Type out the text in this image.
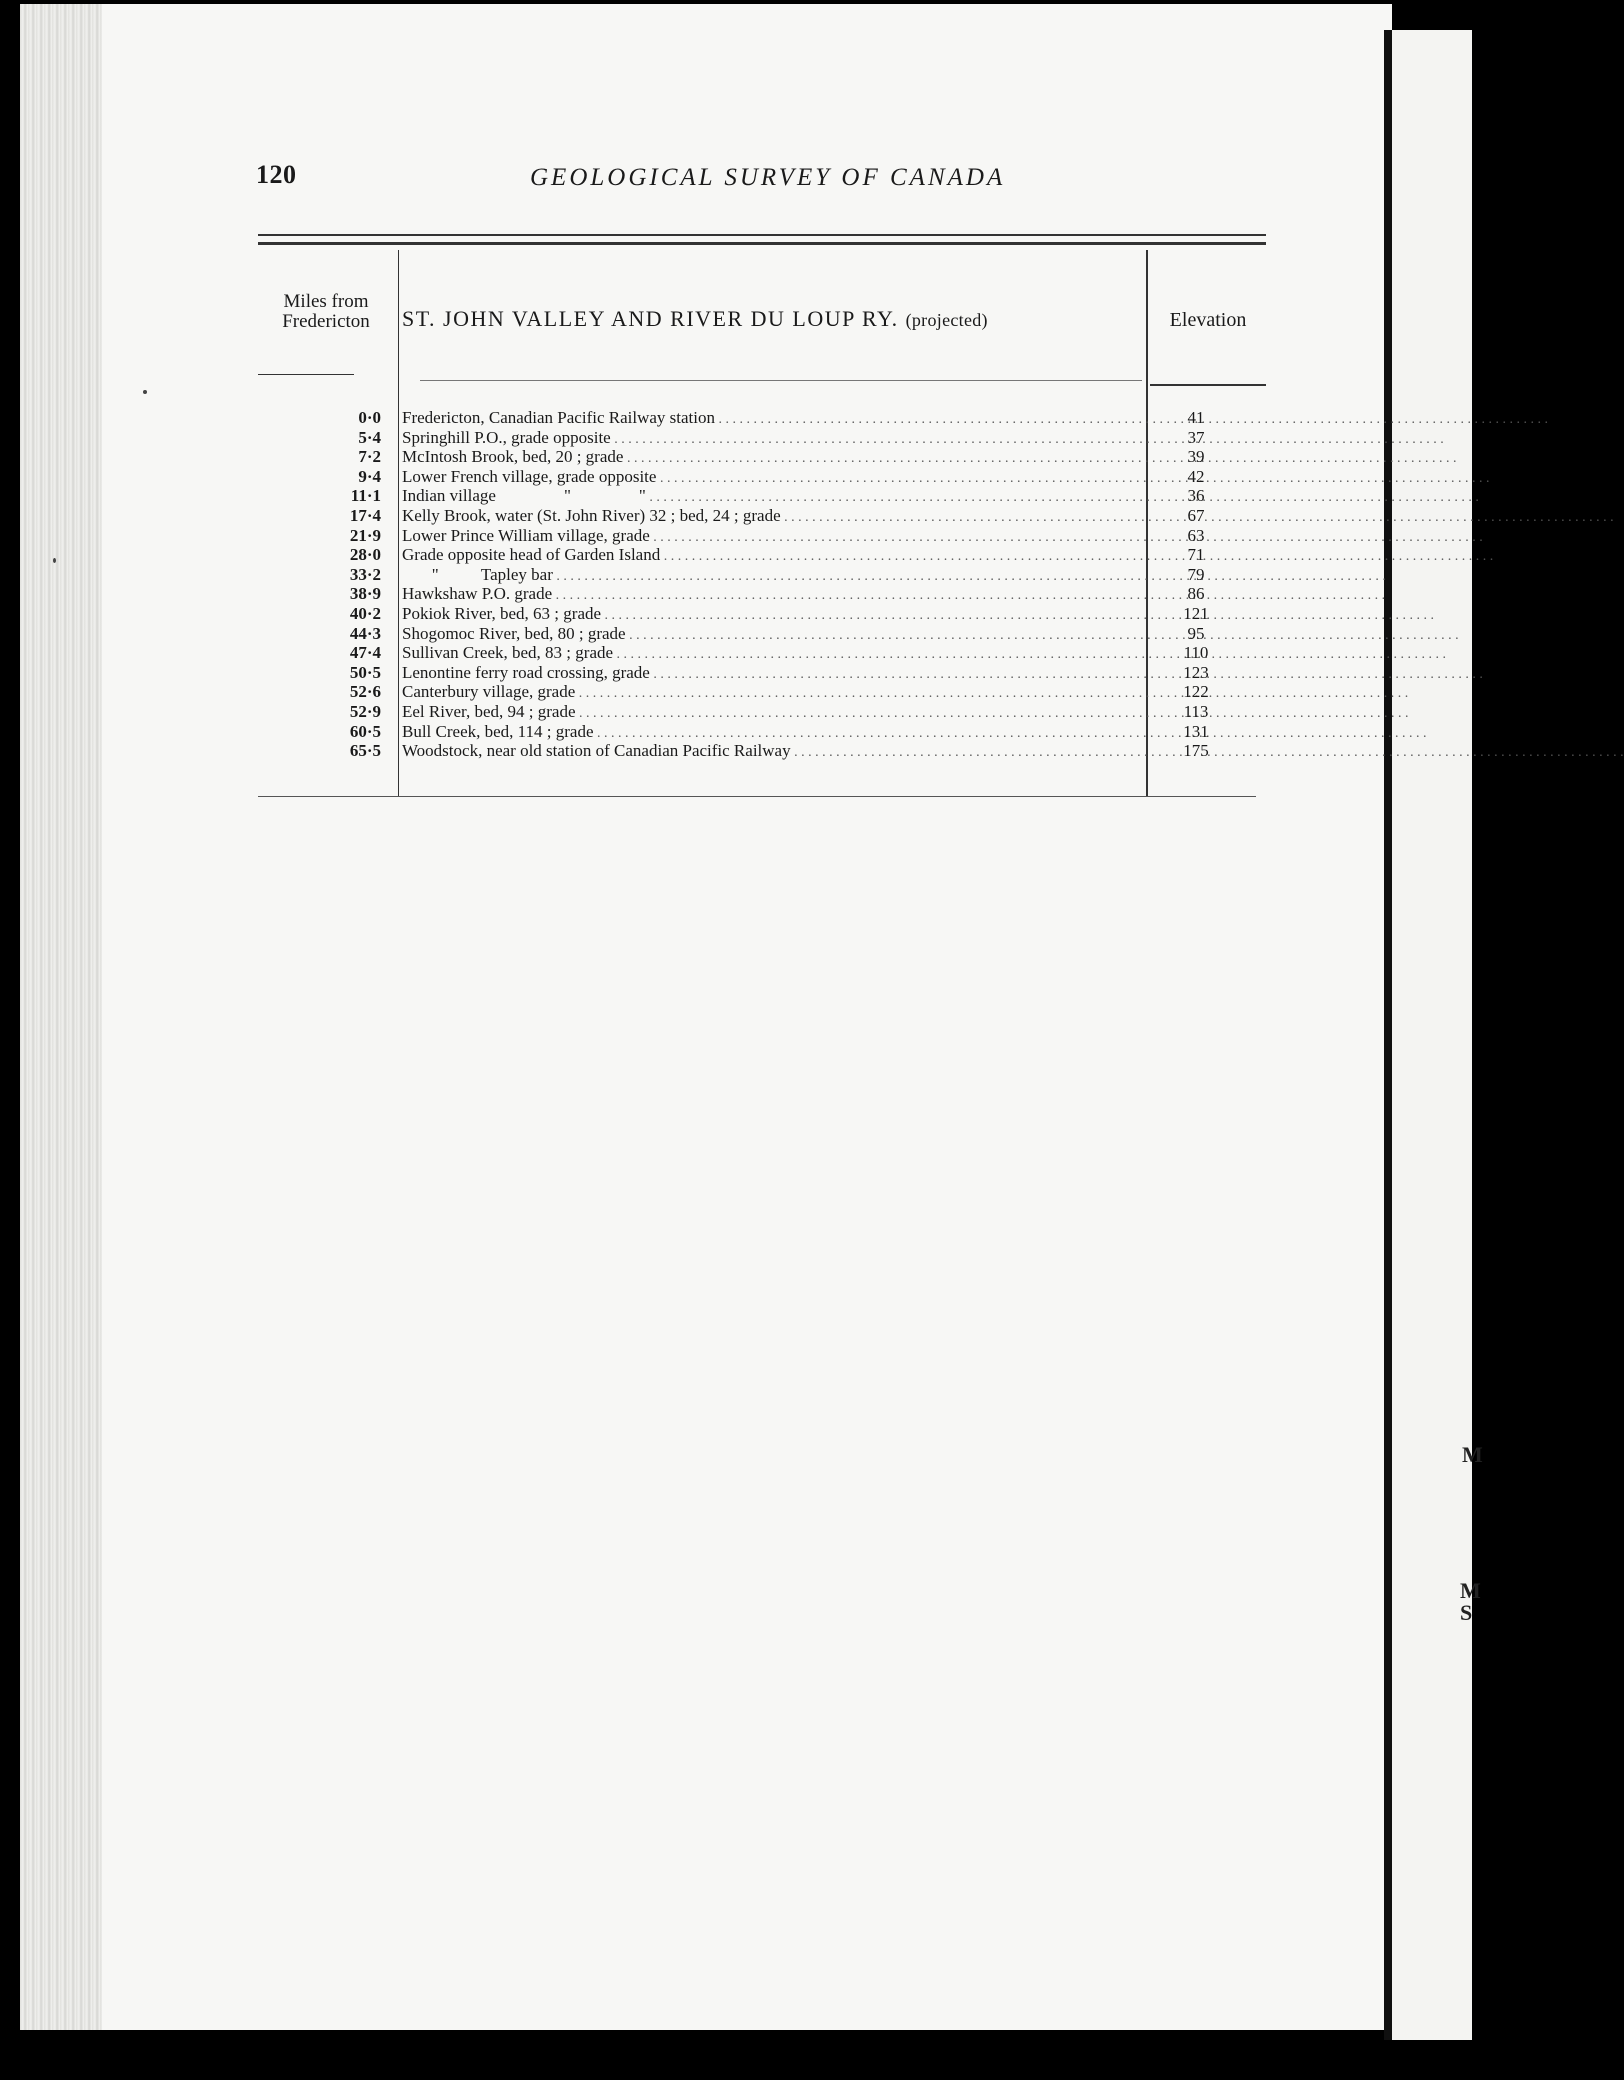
M
M
S
120	GEOLOGICAL SURVEY OF CANADA
Miles from
Fredericton	ST. JOHN VALLEY AND RIVER DU LOUP RY. (projected)	Elevation
0·0 Fredericton, Canadian Pacific Railway station . . .	41
5·4 Springhill P.O., grade opposite . . .	37
7·2 McIntosh Brook, bed, 20 ; grade . . .	39
9·4 Lower French village, grade opposite . . .	42
11·1 Indian village                "                " . . .	36
17·4 Kelly Brook, water (St. John River) 32 ; bed, 24 ; grade . . .	67
21·9 Lower Prince William village, grade . . .	63
28·0 Grade opposite head of Garden Island . . .	71
33·2 "          Tapley bar . . .	79
38·9 Hawkshaw P.O. grade . . .	86
40·2 Pokiok River, bed, 63 ; grade . . .	121
44·3 Shogomoc River, bed, 80 ; grade . . .	95
47·4 Sullivan Creek, bed, 83 ; grade . . .	110
50·5 Lenontine ferry road crossing, grade . . .	123
52·6 Canterbury village, grade . . .	122
52·9 Eel River, bed, 94 ; grade . . .	113
60·5 Bull Creek, bed, 114 ; grade . . .	131
65·5 Woodstock, near old station of Canadian Pacific Railway . . .	175
